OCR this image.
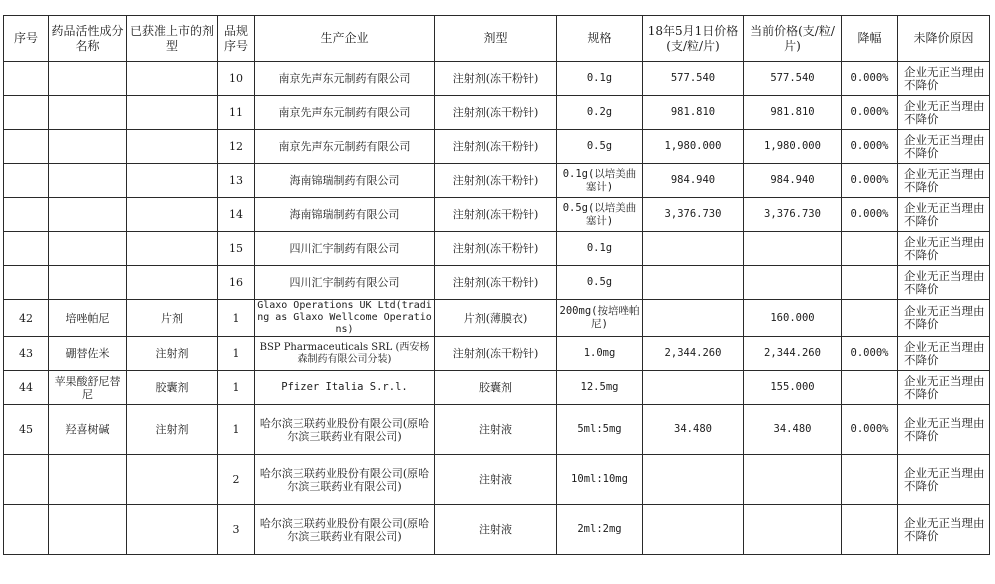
序号	药品活性成分名称	已获准上市的剂型	品规序号	生产企业	剂型	规格	18年5月1日价格(支/粒/片)	当前价格(支/粒/片)	降幅	未降价原因
			10	南京先声东元制药有限公司	注射剂(冻干粉针)	0.1g	577.540	577.540	0.000%	企业无正当理由不降价
			11	南京先声东元制药有限公司	注射剂(冻干粉针)	0.2g	981.810	981.810	0.000%	企业无正当理由不降价
			12	南京先声东元制药有限公司	注射剂(冻干粉针)	0.5g	1,980.000	1,980.000	0.000%	企业无正当理由不降价
			13	海南锦瑞制药有限公司	注射剂(冻干粉针)	0.1g(以培美曲塞计)	984.940	984.940	0.000%	企业无正当理由不降价
			14	海南锦瑞制药有限公司	注射剂(冻干粉针)	0.5g(以培美曲塞计)	3,376.730	3,376.730	0.000%	企业无正当理由不降价
			15	四川汇宇制药有限公司	注射剂(冻干粉针)	0.1g				企业无正当理由不降价
			16	四川汇宇制药有限公司	注射剂(冻干粉针)	0.5g				企业无正当理由不降价
42	培唑帕尼	片剂	1	Glaxo Operations UK Ltd(trading as Glaxo Wellcome Operations)	片剂(薄膜衣)	200mg(按培唑帕尼)		160.000		企业无正当理由不降价
43	硼替佐米	注射剂	1	BSP Pharmaceuticals SRL (西安杨森制药有限公司分装)	注射剂(冻干粉针)	1.0mg	2,344.260	2,344.260	0.000%	企业无正当理由不降价
44	苹果酸舒尼替尼	胶囊剂	1	Pfizer Italia S.r.l.	胶囊剂	12.5mg		155.000		企业无正当理由不降价
45	羟喜树碱	注射剂	1	哈尔滨三联药业股份有限公司(原哈尔滨三联药业有限公司)	注射液	5ml:5mg	34.480	34.480	0.000%	企业无正当理由不降价
			2	哈尔滨三联药业股份有限公司(原哈尔滨三联药业有限公司)	注射液	10ml:10mg				企业无正当理由不降价
			3	哈尔滨三联药业股份有限公司(原哈尔滨三联药业有限公司)	注射液	2ml:2mg				企业无正当理由不降价
